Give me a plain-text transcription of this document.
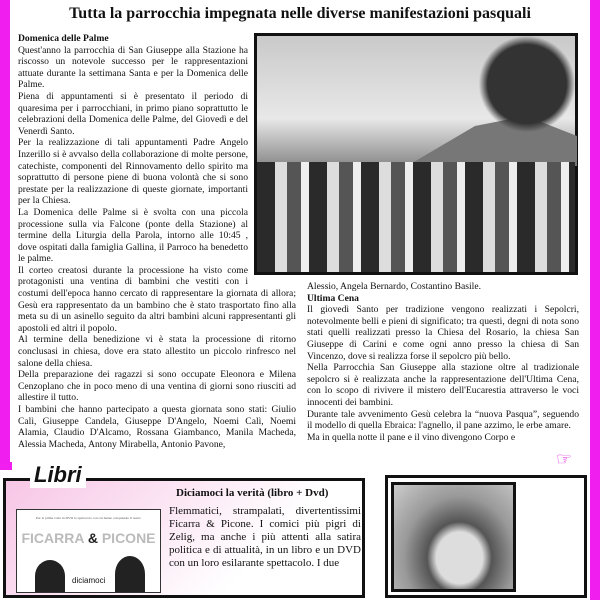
Tutta la parrocchia impegnata nelle diverse manifestazioni pasquali

Domenica delle Palme

Quest'anno la parrocchia di San Giuseppe alla Stazione ha riscosso un notevole successo per le rappresentazioni attuate durante la settimana Santa e per la Domenica delle Palme.

Piena di appuntamenti si è presentato il periodo di quaresima per i parrocchiani, in primo piano soprattutto le celebrazioni della Domenica delle Palme, del Giovedì e del Venerdì Santo.

Per la realizzazione di tali appuntamenti Padre Angelo Inzerillo si è avvalso della collaborazione di molte persone, catechiste, componenti del Rinnovamento dello spirito ma soprattutto di persone piene di buona volontà che si sono prestate per la realizzazione di queste giornate, importanti per la Chiesa.

La Domenica delle Palme si è svolta con una piccola processione sulla via Falcone (ponte della Stazione) al termine della Liturgia della Parola, intorno alle 10:45 , dove ospitati dalla famiglia Gallina, il Parroco ha benedetto le palme.

Il corteo creatosi durante la processione ha visto come protagonisti una ventina di bambini che vestiti con i costumi dell'epoca hanno cercato di rappresentare la giornata di allora; Gesù era rappresentato da un bambino che è stato trasportato fino alla meta su di un asinello seguito da altri bambini alcuni rappresentanti gli apostoli ed altri il popolo.

Al termine della benedizione vi è stata la processione di ritorno conclusasi in chiesa, dove era stato allestito un piccolo rinfresco nel salone della chiesa.

Della preparazione dei ragazzi si sono occupate Eleonora e Milena Cenzoplano che in poco meno di una ventina di giorni sono riusciti ad allestire il tutto.

I bambini che hanno partecipato a questa giornata sono stati: Giulio Calì, Giuseppe Candela, Giuseppe D'Angelo, Noemi Calì, Noemi Alamia, Claudio D'Alcamo, Rossana Giambanco, Manila Macheda, Alessia Macheda, Antony Mirabella, Antonio Pavone,

Alessio, Angela Bernardo, Costantino Basile.

Ultima Cena

Il giovedì Santo per tradizione vengono realizzati i Sepolcri, notevolmente belli e pieni di significato; tra questi, degni di nota sono stati quelli realizzati presso la Chiesa del Rosario, la chiesa San Giuseppe di Carini e come ogni anno presso la chiesa di San Vincenzo, dove si realizza forse il sepolcro più bello.

Nella Parrocchia San Giuseppe alla stazione oltre al tradizionale sepolcro si è realizzata anche la rappresentazione dell'Ultima Cena, con lo scopo di rivivere il mistero dell'Eucarestia attraverso le voci innocenti dei bambini.

Durante tale avvenimento Gesù celebra la “nuova Pasqua”, seguendo il modello di quella Ebraica: l'agnello, il pane azzimo, le erbe amare.

Ma in quella notte il pane e il vino divengono Corpo e

☞
Per la prima volta in DVD lo spettacolo con cui hanno conquistato il teatro
FICARRA & PICONE
diciamoci
Diciamoci la verità (libro + Dvd)
Flemmatici, strampalati, divertentissimi Ficarra & Picone. I comici più pigri di Zelig, ma anche i più attenti alla satira politica e di attualità, in un libro e un DVD con un loro esilarante spettacolo. I due
Libri
